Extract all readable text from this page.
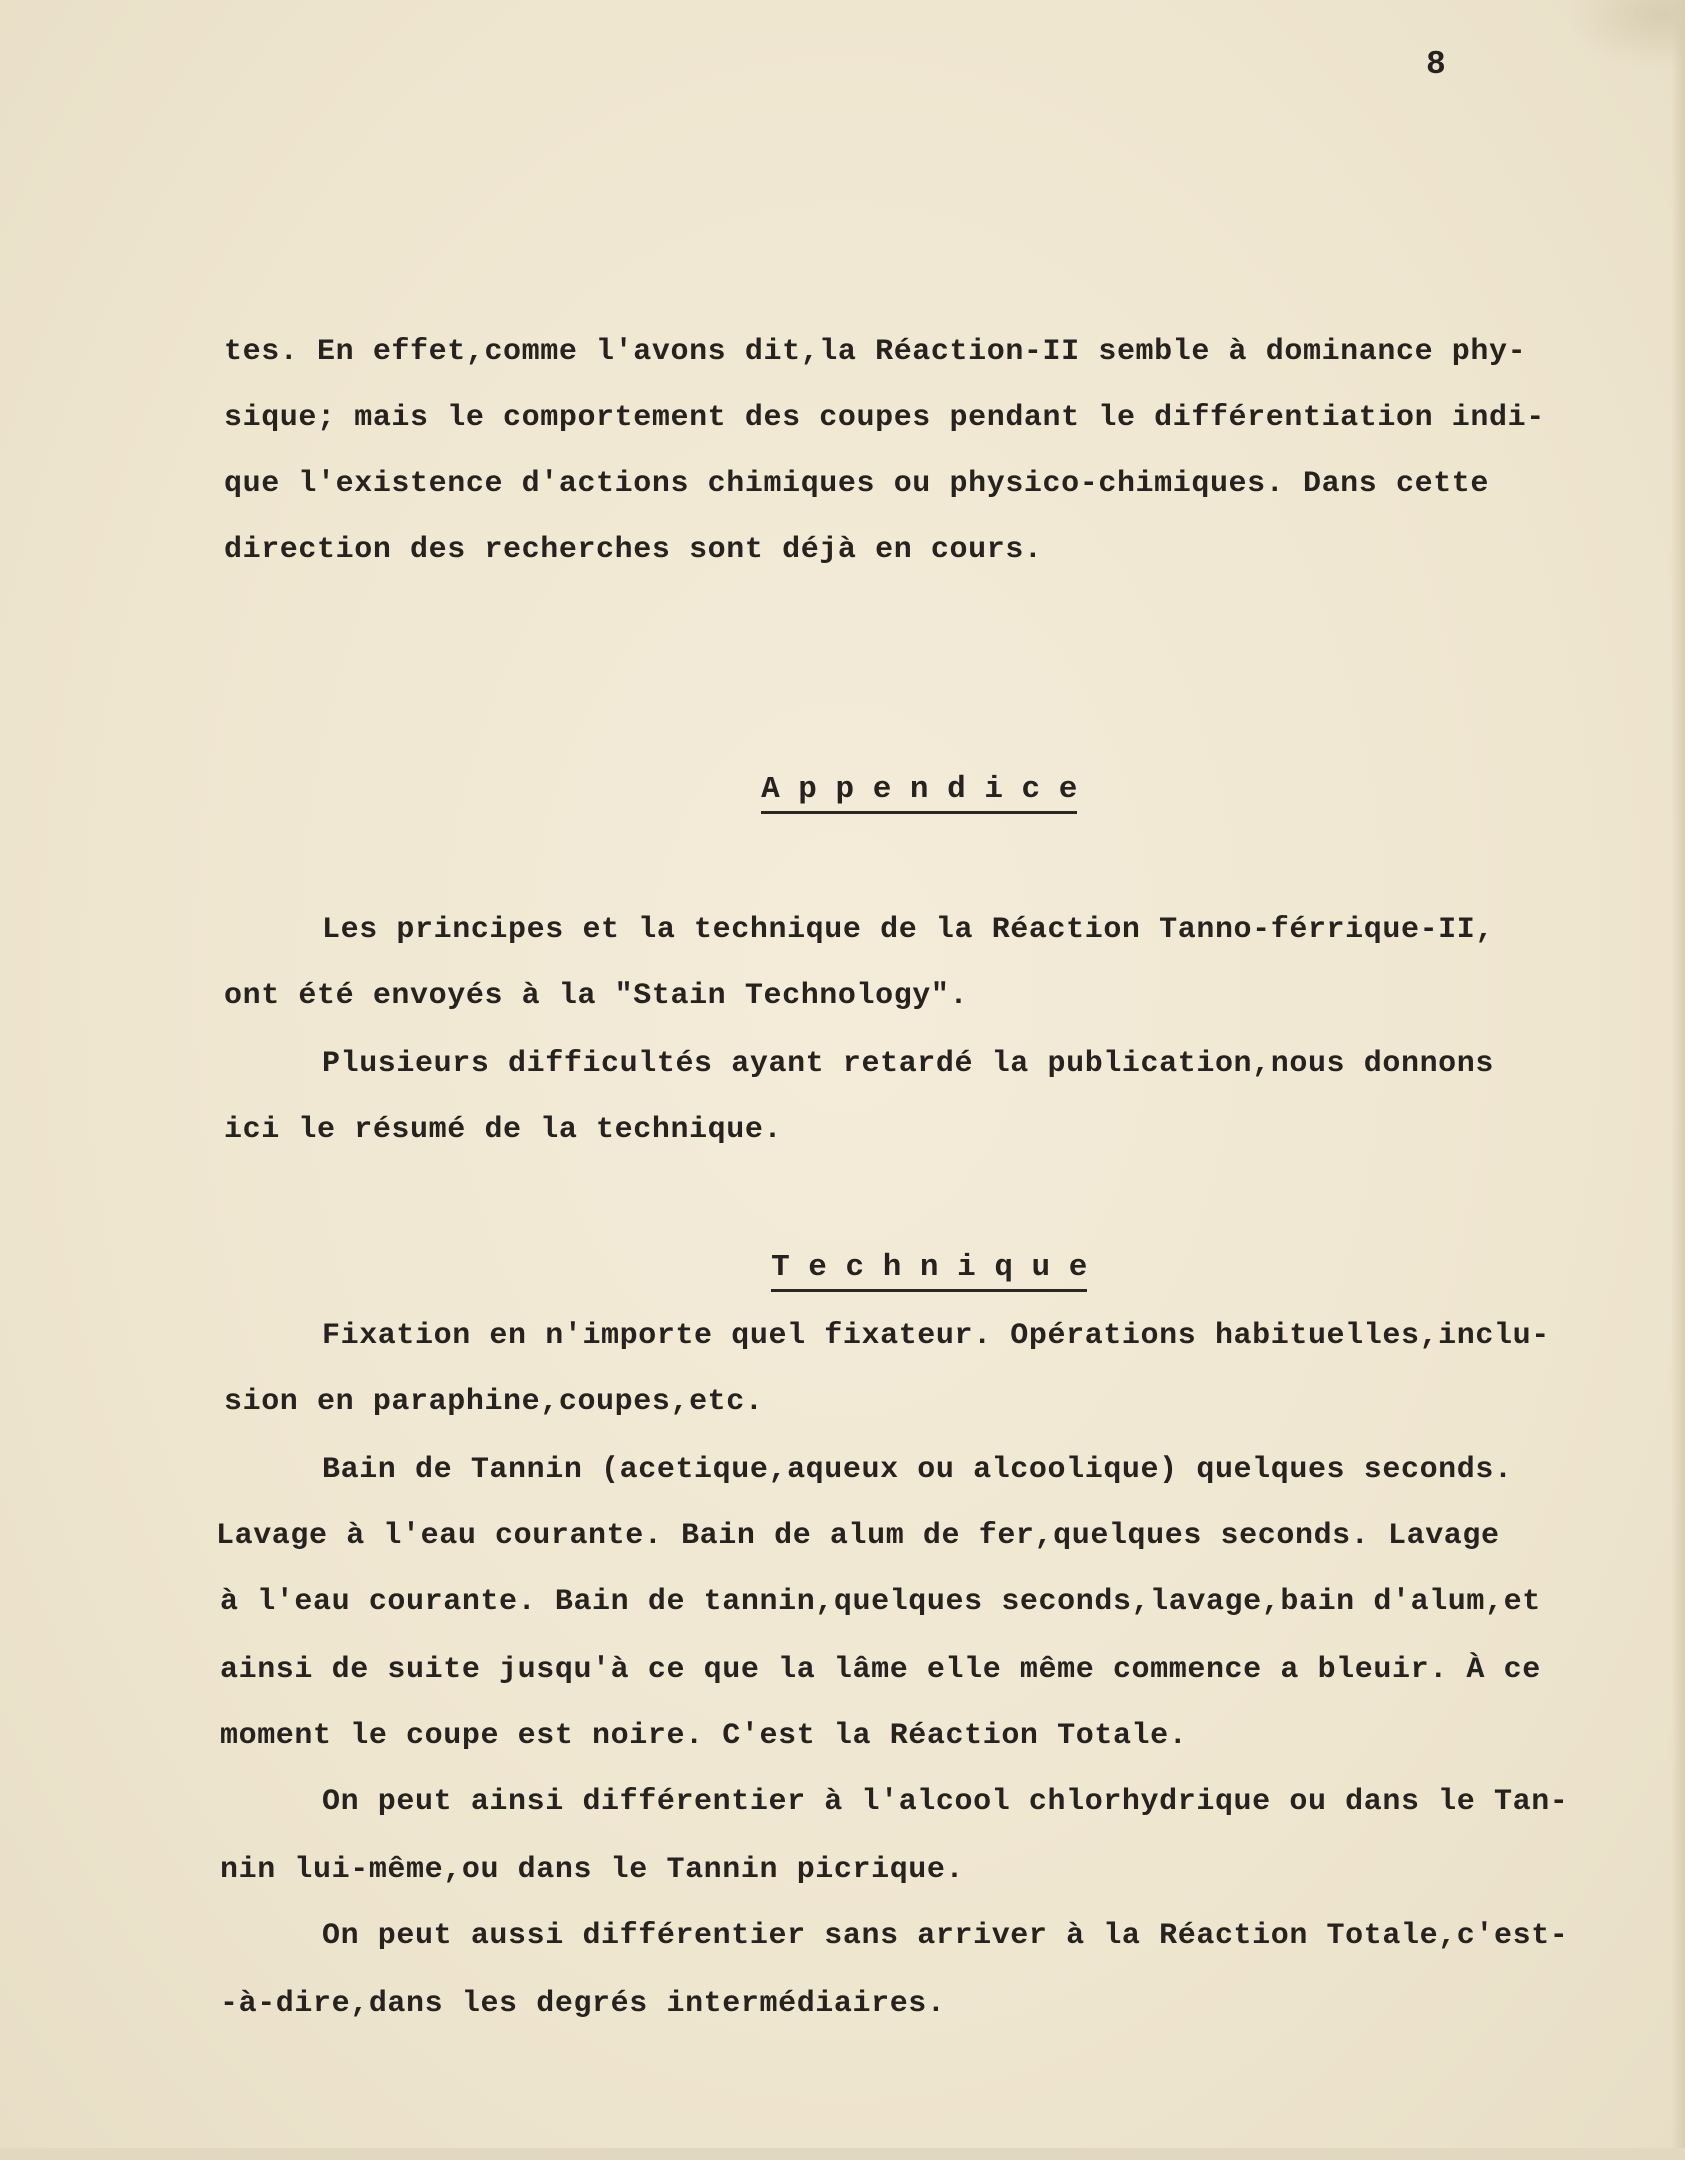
8
tes. En effet,comme l'avons dit,la Réaction-II semble à dominance phy-
sique; mais le comportement des coupes pendant le différentiation indi-
que l'existence d'actions chimiques ou physico-chimiques. Dans cette
direction des recherches sont déjà en cours.

A p p e n d i c e

Les principes et la technique de la Réaction Tanno-férrique-II,
ont été envoyés à la "Stain Technology".
Plusieurs difficultés ayant retardé la publication,nous donnons
ici le résumé de la technique.

T e c h n i q u e

Fixation en n'importe quel fixateur. Opérations habituelles,inclu-
sion en paraphine,coupes,etc.
Bain de Tannin (acetique,aqueux ou alcoolique) quelques seconds.
Lavage à l'eau courante. Bain de alum de fer,quelques seconds. Lavage
à l'eau courante. Bain de tannin,quelques seconds,lavage,bain d'alum,et
ainsi de suite jusqu'à ce que la lâme elle même commence a bleuir. À ce
moment le coupe est noire. C'est la Réaction Totale.
On peut ainsi différentier à l'alcool chlorhydrique ou dans le Tan-
nin lui-même,ou dans le Tannin picrique.
On peut aussi différentier sans arriver à la Réaction Totale,c'est-
-à-dire,dans les degrés intermédiaires.
